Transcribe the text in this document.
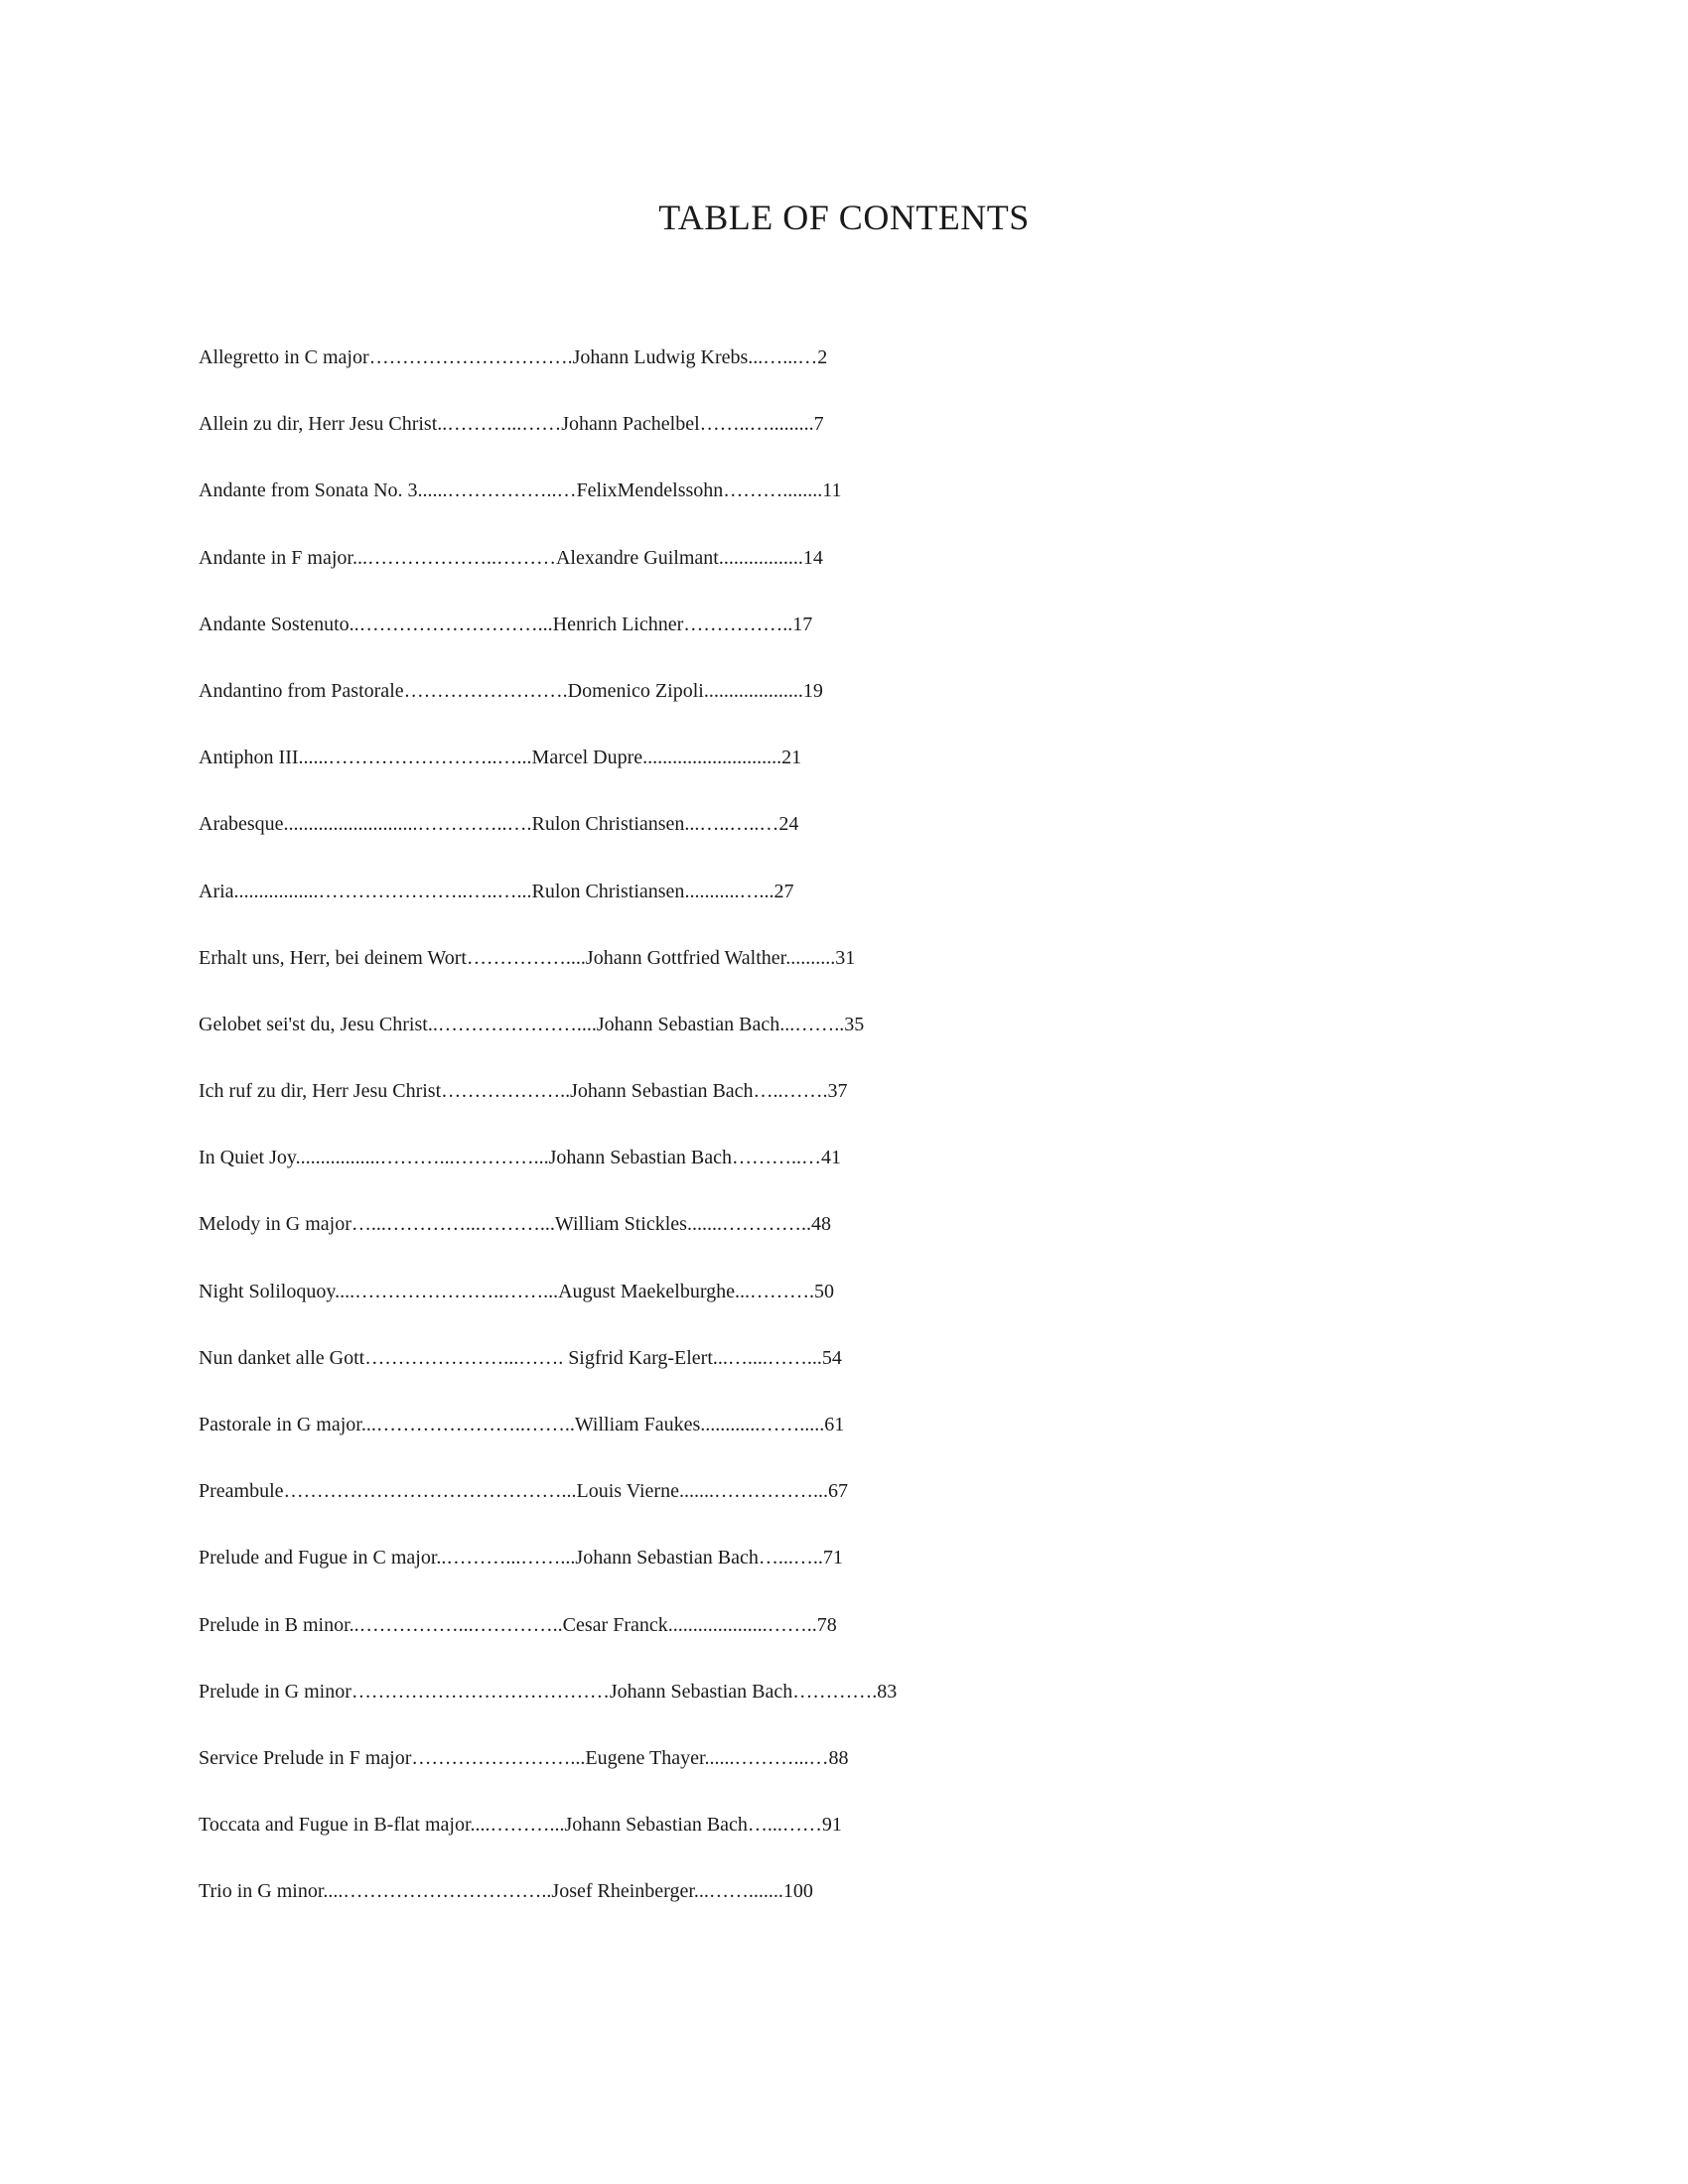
TABLE OF CONTENTS
Allegretto in C major………………………….Johann Ludwig Krebs...…...…2
Allein zu dir, Herr Jesu Christ..………...……Johann Pachelbel……..….........7
Andante from Sonata No. 3......……………..…FelixMendelssohn………........11
Andante in F major...………………..………Alexandre Guilmant.................14
Andante Sostenuto..………………………...Henrich Lichner……………..17
Andantino from Pastorale…………………….Domenico Zipoli....................19
Antiphon III......……………………..…...Marcel Dupre............................21
Arabesque...........................…………..….Rulon Christiansen...…..…..…24
Aria.................…………………..…..…...Rulon Christiansen...........…...27
Erhalt uns, Herr, bei deinem Wort……………....Johann Gottfried Walther..........31
Gelobet sei'st du, Jesu Christ..…………………....Johann Sebastian Bach...……..35
Ich ruf zu dir, Herr Jesu Christ………………..Johann Sebastian Bach…..…….37
In Quiet Joy.................………...…………...Johann Sebastian Bach………..…41
Melody in G major…...…………...………...William Stickles.......…………..48
Night Soliloquoy....…………………..……...August Maekelburghe...……….50
Nun danket alle Gott…………………...……. Sigfrid Karg-Elert...…....……...54
Pastorale in G major...…………………..……..William Faukes............…….....61
Preambule……………………………………...Louis Vierne.......……………...67
Prelude and Fugue in C major..………...……...Johann Sebastian Bach…...…..71
Prelude in B minor..……………...…………..Cesar Franck....................……..78
Prelude in G minor…………………………………Johann Sebastian Bach………….83
Service Prelude in F major……………………...Eugene Thayer......………...…88
Toccata and Fugue in B-flat major....………...Johann Sebastian Bach…...……91
Trio in G minor....…………………………..Josef Rheinberger...…….......100
